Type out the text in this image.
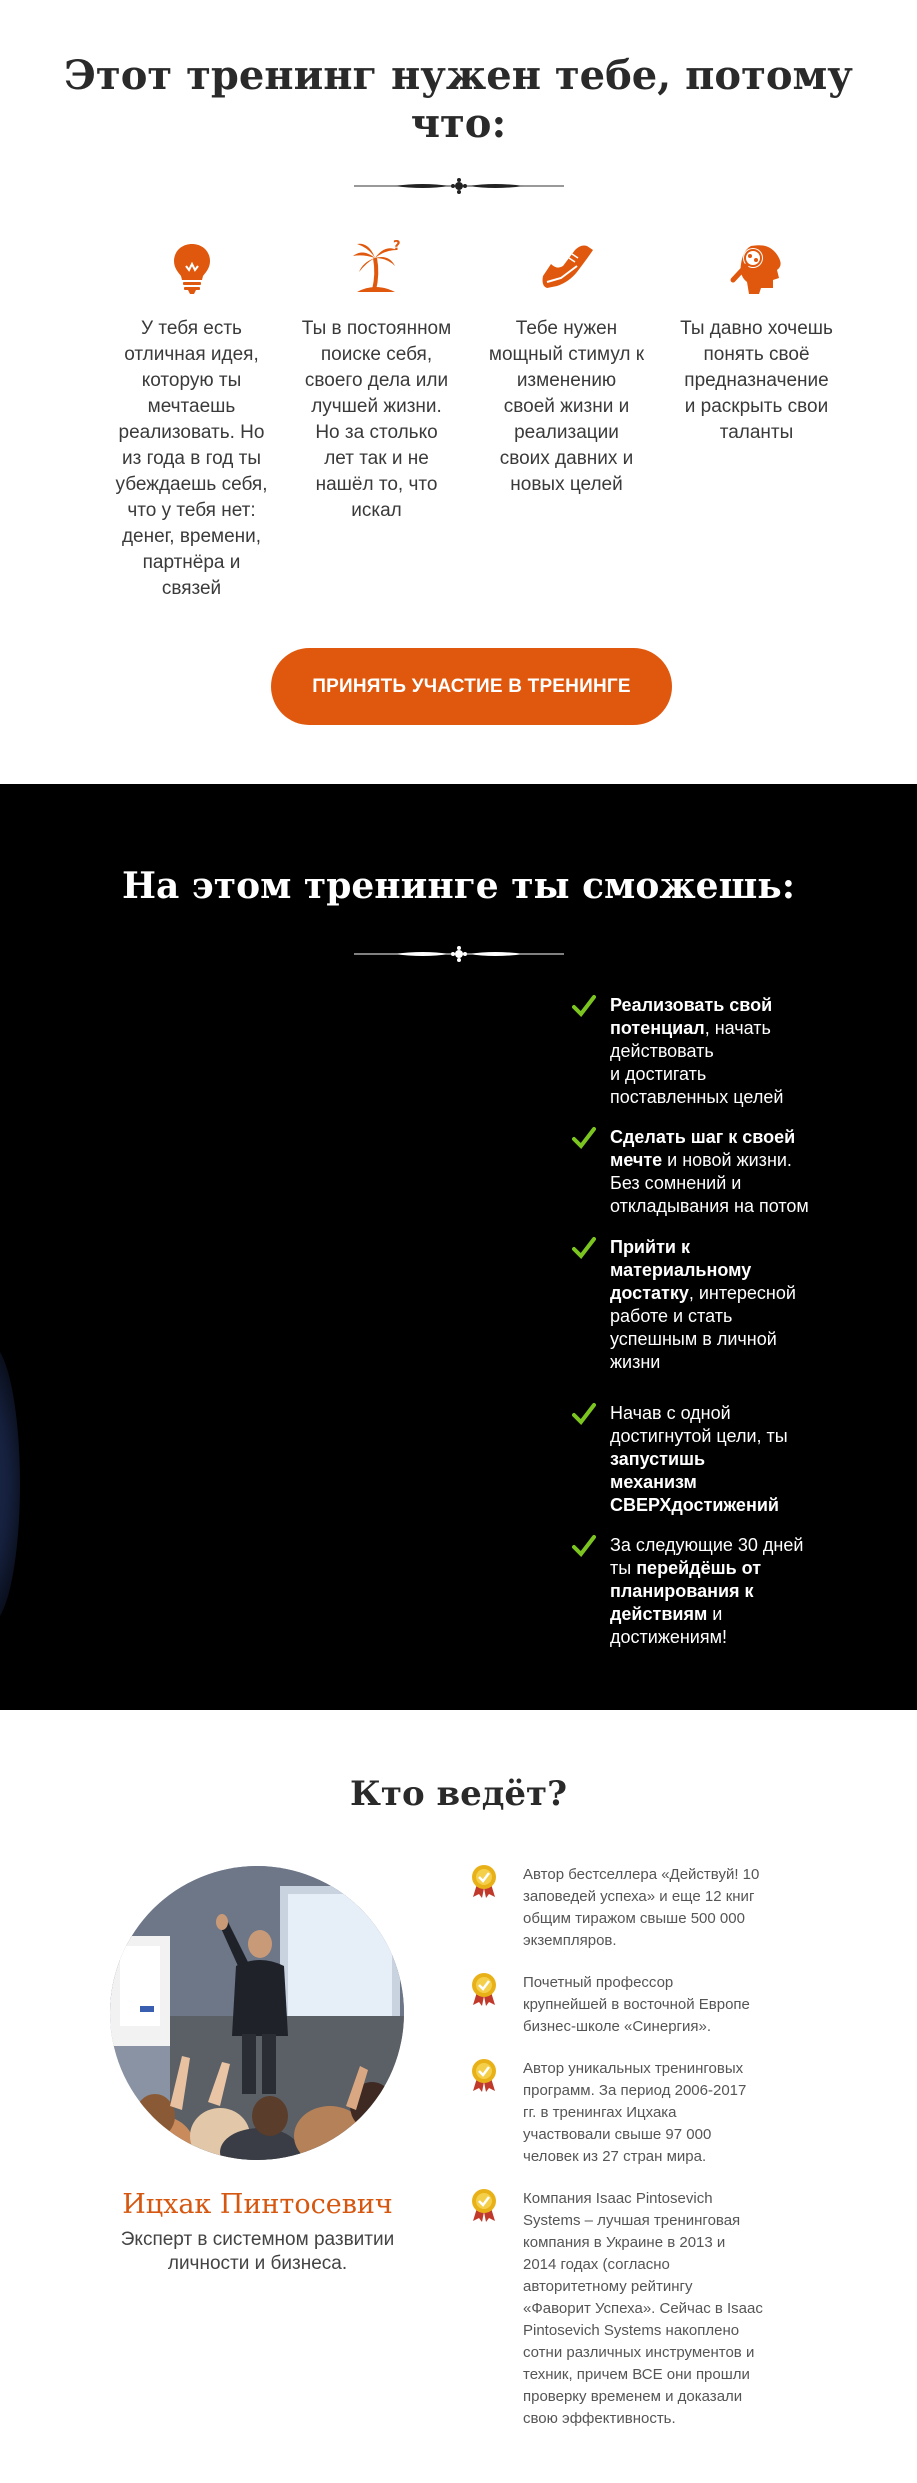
Этот тренинг нужен тебе, потому
что:
У тебя есть
отличная идея,
которую ты
мечтаешь
реализовать. Но
из года в год ты
убеждаешь себя,
что у тебя нет:
денег, времени,
партнёра и
связей
?
Ты в постоянном
поиске себя,
своего дела или
лучшей жизни.
Но за столько
лет так и не
нашёл то, что
искал
Тебе нужен
мощный стимул к
изменению
своей жизни и
реализации
своих давних и
новых целей
Ты давно хочешь
понять своё
предназначение
и раскрыть свои
таланты
ПРИНЯТЬ УЧАСТИЕ В ТРЕНИНГЕ
На этом тренинге ты сможешь:
Реализовать свой
потенциал, начать
действовать
и достигать
поставленных целей
Сделать шаг к своей
мечте и новой жизни.
Без сомнений и
откладывания на потом
Прийти к
материальному
достатку, интересной
работе и стать
успешным в личной
жизни
Начав с одной
достигнутой цели, ты
запустишь
механизм
СВЕРХдостижений
За следующие 30 дней
ты перейдёшь от
планирования к
действиям и
достижениям!
Кто ведёт?
Ицхак Пинтосевич
Эксперт в системном развитии
личности и бизнеса.
Автор бестселлера «Действуй! 10
заповедей успеха» и еще 12 книг
общим тиражом свыше 500 000
экземпляров.
Почетный профессор
крупнейшей в восточной Европе
бизнес-школе «Синергия».
Автор уникальных тренинговых
программ. За период 2006-2017
гг. в тренингах Ицхака
участвовали свыше 97 000
человек из 27 стран мира.
Компания Isaac Pintosevich
Systems – лучшая тренинговая
компания в Украине в 2013 и
2014 годах (согласно
авторитетному рейтингу
«Фаворит Успеха». Сейчас в Isaac
Pintosevich Systems накоплено
сотни различных инструментов и
техник, причем ВСЕ они прошли
проверку временем и доказали
свою эффективность.
